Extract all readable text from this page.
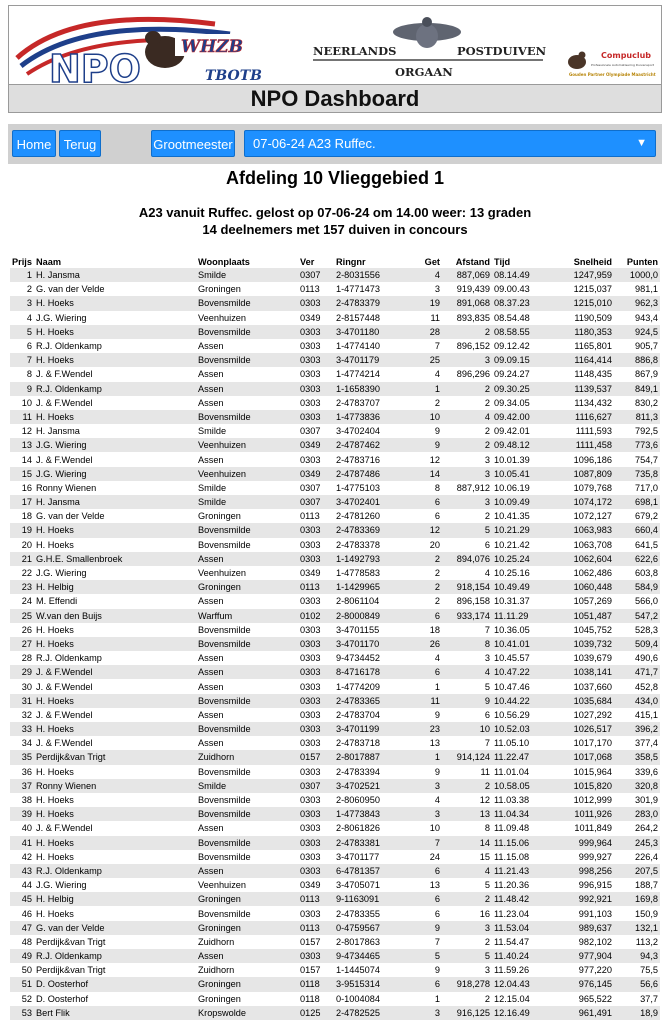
NPO WHZB
TBOTB
NEERLANDS	POSTDUIVEN
ORGAAN
Compuclub
Professionele Automatisering Duivensport
Gouden Partner Olympiade Maastricht
NPO Dashboard
Home Terug	Grootmeester	07-06-24 A23 Ruffec.	▼
Afdeling 10 Vlieggebied 1
A23 vanuit Ruffec. gelost op 07-06-24 om 14.00 weer: 13 graden
14 deelnemers met 157 duiven in concours
Prijs	Naam	Woonplaats	Ver	Ringnr	Get	Afstand	Tijd	Snelheid	Punten
1	H. Jansma	Smilde	0307	2-8031556	4	887,069	08.14.49	1247,959	1000,0
2	G. van der Velde	Groningen	0113	1-4771473	3	919,439	09.00.43	1215,037	981,1
3	H. Hoeks	Bovensmilde	0303	2-4783379	19	891,068	08.37.23	1215,010	962,3
4	J.G. Wiering	Veenhuizen	0349	2-8157448	11	893,835	08.54.48	1190,509	943,4
5	H. Hoeks	Bovensmilde	0303	3-4701180	28	2	08.58.55	1180,353	924,5
6	R.J. Oldenkamp	Assen	0303	1-4774140	7	896,152	09.12.42	1165,801	905,7
7	H. Hoeks	Bovensmilde	0303	3-4701179	25	3	09.09.15	1164,414	886,8
8	J. & F.Wendel	Assen	0303	1-4774214	4	896,296	09.24.27	1148,435	867,9
9	R.J. Oldenkamp	Assen	0303	1-1658390	1	2	09.30.25	1139,537	849,1
10	J. & F.Wendel	Assen	0303	2-4783707	2	2	09.34.05	1134,432	830,2
11	H. Hoeks	Bovensmilde	0303	1-4773836	10	4	09.42.00	1116,627	811,3
12	H. Jansma	Smilde	0307	3-4702404	9	2	09.42.01	1111,593	792,5
13	J.G. Wiering	Veenhuizen	0349	2-4787462	9	2	09.48.12	1111,458	773,6
14	J. & F.Wendel	Assen	0303	2-4783716	12	3	10.01.39	1096,186	754,7
15	J.G. Wiering	Veenhuizen	0349	2-4787486	14	3	10.05.41	1087,809	735,8
16	Ronny Wienen	Smilde	0307	1-4775103	8	887,912	10.06.19	1079,768	717,0
17	H. Jansma	Smilde	0307	3-4702401	6	3	10.09.49	1074,172	698,1
18	G. van der Velde	Groningen	0113	2-4781260	6	2	10.41.35	1072,127	679,2
19	H. Hoeks	Bovensmilde	0303	2-4783369	12	5	10.21.29	1063,983	660,4
20	H. Hoeks	Bovensmilde	0303	2-4783378	20	6	10.21.42	1063,708	641,5
21	G.H.E. Smallenbroek	Assen	0303	1-1492793	2	894,076	10.25.24	1062,604	622,6
22	J.G. Wiering	Veenhuizen	0349	1-4778583	2	4	10.25.16	1062,486	603,8
23	H. Helbig	Groningen	0113	1-1429965	2	918,154	10.49.49	1060,448	584,9
24	M. Effendi	Assen	0303	2-8061104	2	896,158	10.31.37	1057,269	566,0
25	W.van den Buijs	Warffum	0102	2-8000849	6	933,174	11.11.29	1051,487	547,2
26	H. Hoeks	Bovensmilde	0303	3-4701155	18	7	10.36.05	1045,752	528,3
27	H. Hoeks	Bovensmilde	0303	3-4701170	26	8	10.41.01	1039,732	509,4
28	R.J. Oldenkamp	Assen	0303	9-4734452	4	3	10.45.57	1039,679	490,6
29	J. & F.Wendel	Assen	0303	8-4716178	6	4	10.47.22	1038,141	471,7
30	J. & F.Wendel	Assen	0303	1-4774209	1	5	10.47.46	1037,660	452,8
31	H. Hoeks	Bovensmilde	0303	2-4783365	11	9	10.44.22	1035,684	434,0
32	J. & F.Wendel	Assen	0303	2-4783704	9	6	10.56.29	1027,292	415,1
33	H. Hoeks	Bovensmilde	0303	3-4701199	23	10	10.52.03	1026,517	396,2
34	J. & F.Wendel	Assen	0303	2-4783718	13	7	11.05.10	1017,170	377,4
35	Perdijk&van Trigt	Zuidhorn	0157	2-8017887	1	914,124	11.22.47	1017,068	358,5
36	H. Hoeks	Bovensmilde	0303	2-4783394	9	11	11.01.04	1015,964	339,6
37	Ronny Wienen	Smilde	0307	3-4702521	3	2	10.58.05	1015,820	320,8
38	H. Hoeks	Bovensmilde	0303	2-8060950	4	12	11.03.38	1012,999	301,9
39	H. Hoeks	Bovensmilde	0303	1-4773843	3	13	11.04.34	1011,926	283,0
40	J. & F.Wendel	Assen	0303	2-8061826	10	8	11.09.48	1011,849	264,2
41	H. Hoeks	Bovensmilde	0303	2-4783381	7	14	11.15.06	999,964	245,3
42	H. Hoeks	Bovensmilde	0303	3-4701177	24	15	11.15.08	999,927	226,4
43	R.J. Oldenkamp	Assen	0303	6-4781357	6	4	11.21.43	998,256	207,5
44	J.G. Wiering	Veenhuizen	0349	3-4705071	13	5	11.20.36	996,915	188,7
45	H. Helbig	Groningen	0113	9-1163091	6	2	11.48.42	992,921	169,8
46	H. Hoeks	Bovensmilde	0303	2-4783355	6	16	11.23.04	991,103	150,9
47	G. van der Velde	Groningen	0113	0-4759567	9	3	11.53.04	989,637	132,1
48	Perdijk&van Trigt	Zuidhorn	0157	2-8017863	7	2	11.54.47	982,102	113,2
49	R.J. Oldenkamp	Assen	0303	9-4734465	5	5	11.40.24	977,904	94,3
50	Perdijk&van Trigt	Zuidhorn	0157	1-1445074	9	3	11.59.26	977,220	75,5
51	D. Oosterhof	Groningen	0118	3-9515314	6	918,278	12.04.43	976,145	56,6
52	D. Oosterhof	Groningen	0118	0-1004084	1	2	12.15.04	965,522	37,7
53	Bert Flik	Kropswolde	0125	2-4782525	3	916,125	12.16.49	961,491	18,9
